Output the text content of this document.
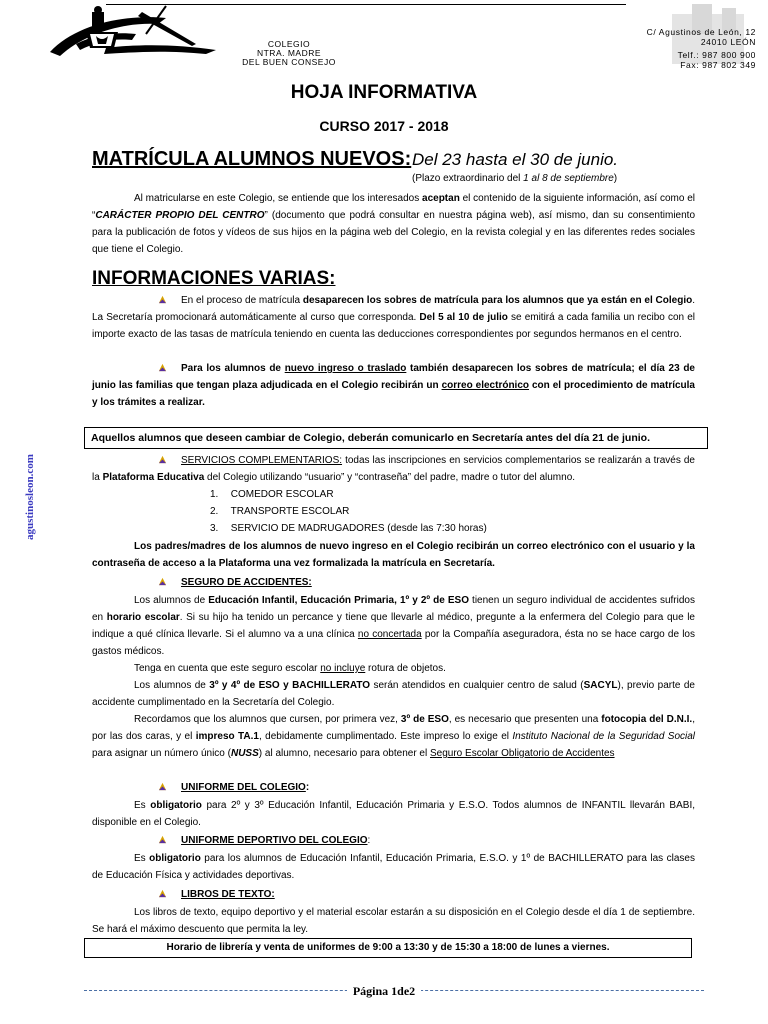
COLEGIO
NTRA. MADRE
DEL BUEN CONSEJO
C/ Agustinos de León, 12
24010 LEÓN
Telf.: 987 800 900
Fax: 987 802 349
HOJA INFORMATIVA
CURSO 2017 - 2018
MATRÍCULA ALUMNOS NUEVOS: Del 23 hasta el 30 de junio.
(Plazo extraordinario del 1 al 8 de septiembre)
Al matricularse en este Colegio, se entiende que los interesados aceptan el contenido de la siguiente información, así como el “CARÁCTER PROPIO DEL CENTRO” (documento que podrá consultar en nuestra página web), así mismo, dan su consentimiento para la publicación de fotos y vídeos de sus hijos en la página web del Colegio, en la revista colegial y en las diferentes redes sociales que tiene el Colegio.
INFORMACIONES VARIAS:
En el proceso de matrícula desaparecen los sobres de matrícula para los alumnos que ya están en el Colegio. La Secretaría promocionará automáticamente al curso que corresponda. Del 5 al 10 de julio se emitirá a cada familia un recibo con el importe exacto de las tasas de matrícula teniendo en cuenta las deducciones correspondientes por segundos hermanos en el centro.
Para los alumnos de nuevo ingreso o traslado también desaparecen los sobres de matrícula; el día 23 de junio las familias que tengan plaza adjudicada en el Colegio recibirán un correo electrónico con el procedimiento de matrícula y los trámites a realizar.
Aquellos alumnos que deseen cambiar de Colegio, deberán comunicarlo en Secretaría antes del día 21 de junio.
SERVICIOS COMPLEMENTARIOS: todas las inscripciones en servicios complementarios se realizarán a través de la Plataforma Educativa del Colegio utilizando “usuario” y “contraseña” del padre, madre o tutor del alumno.
1. COMEDOR ESCOLAR
2. TRANSPORTE ESCOLAR
3. SERVICIO DE MADRUGADORES (desde las 7:30 horas)
Los padres/madres de los alumnos de nuevo ingreso en el Colegio recibirán un correo electrónico con el usuario y la contraseña de acceso a la Plataforma una vez formalizada la matrícula en Secretaría.
SEGURO DE ACCIDENTES:
Los alumnos de Educación Infantil, Educación Primaria, 1º y 2º de ESO tienen un seguro individual de accidentes sufridos en horario escolar. Si su hijo ha tenido un percance y tiene que llevarle al médico, pregunte a la enfermera del Colegio para que le indique a qué clínica llevarle. Si el alumno va a una clínica no concertada por la Compañía aseguradora, ésta no se hace cargo de los gastos médicos.
Tenga en cuenta que este seguro escolar no incluye rotura de objetos.
Los alumnos de 3º y 4º de ESO y BACHILLERATO serán atendidos en cualquier centro de salud (SACYL), previo parte de accidente cumplimentado en la Secretaría del Colegio.
Recordamos que los alumnos que cursen, por primera vez, 3º de ESO, es necesario que presenten una fotocopia del D.N.I., por las dos caras, y el impreso TA.1, debidamente cumplimentado. Este impreso lo exige el Instituto Nacional de la Seguridad Social para asignar un número único (NUSS) al alumno, necesario para obtener el Seguro Escolar Obligatorio de Accidentes
UNIFORME DEL COLEGIO:
Es obligatorio para 2º y 3º Educación Infantil, Educación Primaria y E.S.O. Todos alumnos de INFANTIL llevarán BABI, disponible en el Colegio.
UNIFORME DEPORTIVO DEL COLEGIO:
Es obligatorio para los alumnos de Educación Infantil, Educación Primaria, E.S.O. y 1º de BACHILLERATO para las clases de Educación Física y actividades deportivas.
LIBROS DE TEXTO:
Los libros de texto, equipo deportivo y el material escolar estarán a su disposición en el Colegio desde el día 1 de septiembre. Se hará el máximo descuento que permita la ley.
Horario de librería y venta de uniformes de 9:00 a 13:30 y de 15:30 a 18:00 de lunes a viernes.
agustinosleon.com
Página 1de2
